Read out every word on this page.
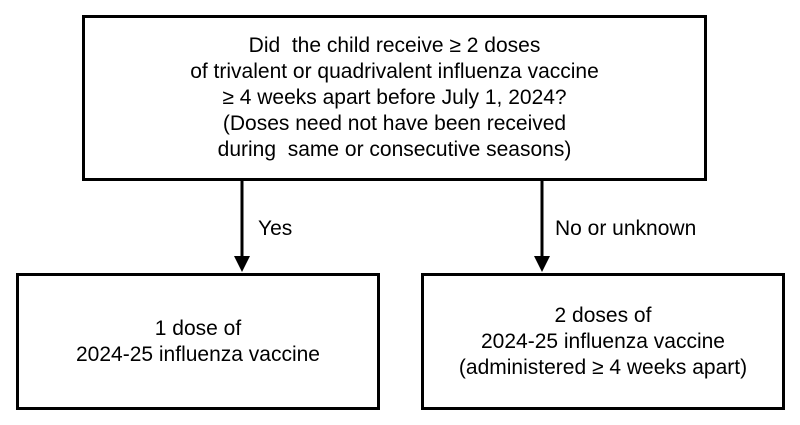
Did  the child receive ≥ 2 doses
of trivalent or quadrivalent influenza vaccine
≥ 4 weeks apart before July 1, 2024?
(Doses need not have been received
during  same or consecutive seasons)
Yes	No or unknown
1 dose of
2024-25 influenza vaccine
2 doses of
2024-25 influenza vaccine
(administered ≥ 4 weeks apart)
